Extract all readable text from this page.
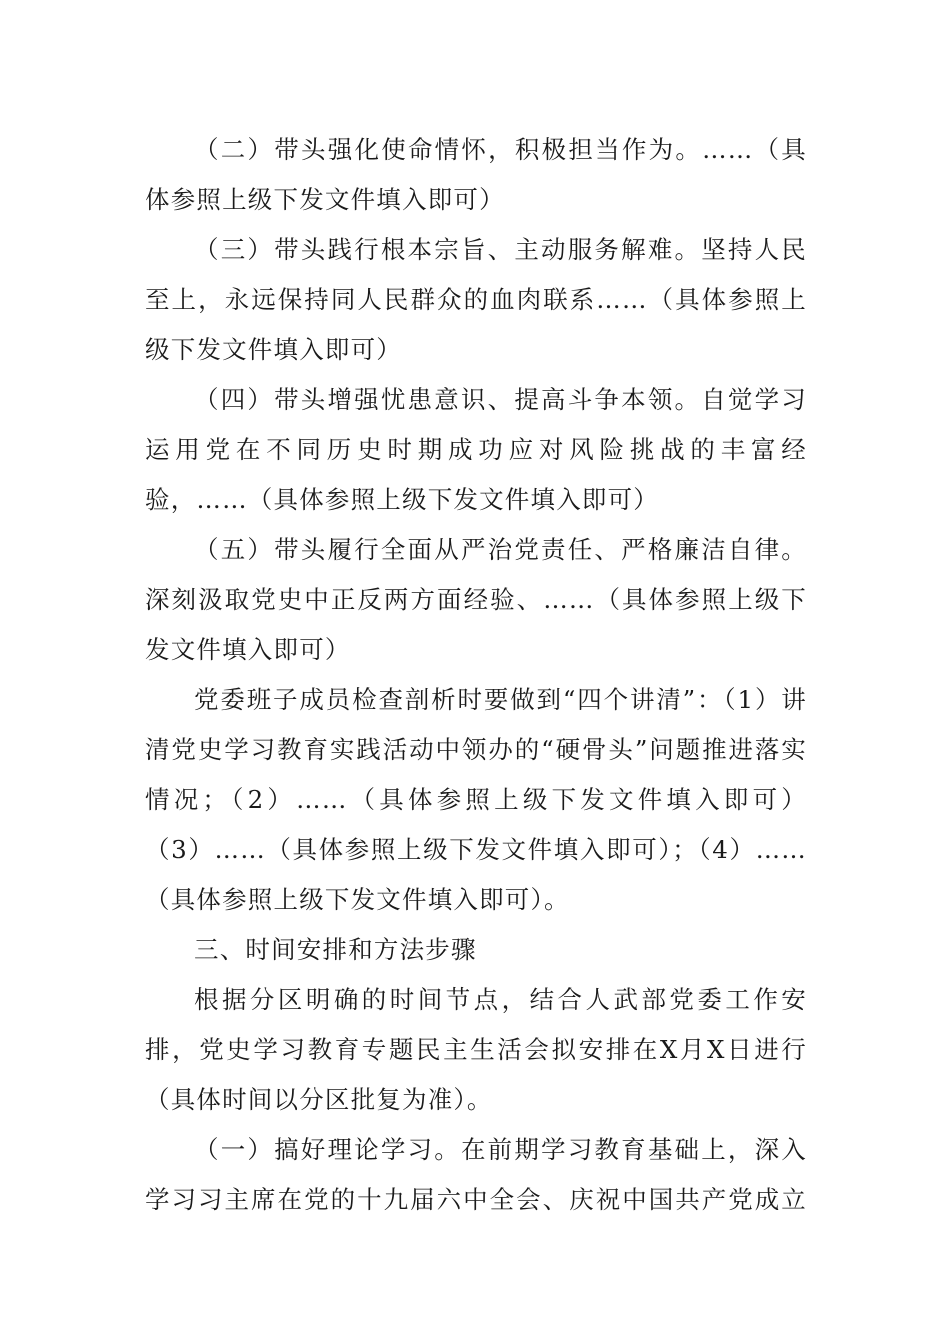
（二）带头强化使命情怀，积极担当作为。……（具体参照上级下发文件填入即可）

（三）带头践行根本宗旨、主动服务解难。坚持人民至上，永远保持同人民群众的血肉联系……（具体参照上级下发文件填入即可）

（四）带头增强忧患意识、提高斗争本领。自觉学习运用党在不同历史时期成功应对风险挑战的丰富经验，……（具体参照上级下发文件填入即可）

（五）带头履行全面从严治党责任、严格廉洁自律。深刻汲取党史中正反两方面经验、……（具体参照上级下发文件填入即可）

党委班子成员检查剖析时要做到“四个讲清”：（1）讲清党史学习教育实践活动中领办的“硬骨头”问题推进落实情况；（2）……（具体参照上级下发文件填入即可）（3）……（具体参照上级下发文件填入即可）；（4）……（具体参照上级下发文件填入即可）。

三、时间安排和方法步骤

根据分区明确的时间节点，结合人武部党委工作安排，党史学习教育专题民主生活会拟安排在X月X日进行（具体时间以分区批复为准）。

（一）搞好理论学习。在前期学习教育基础上，深入学习习主席在党的十九届六中全会、庆祝中国共产党成立
